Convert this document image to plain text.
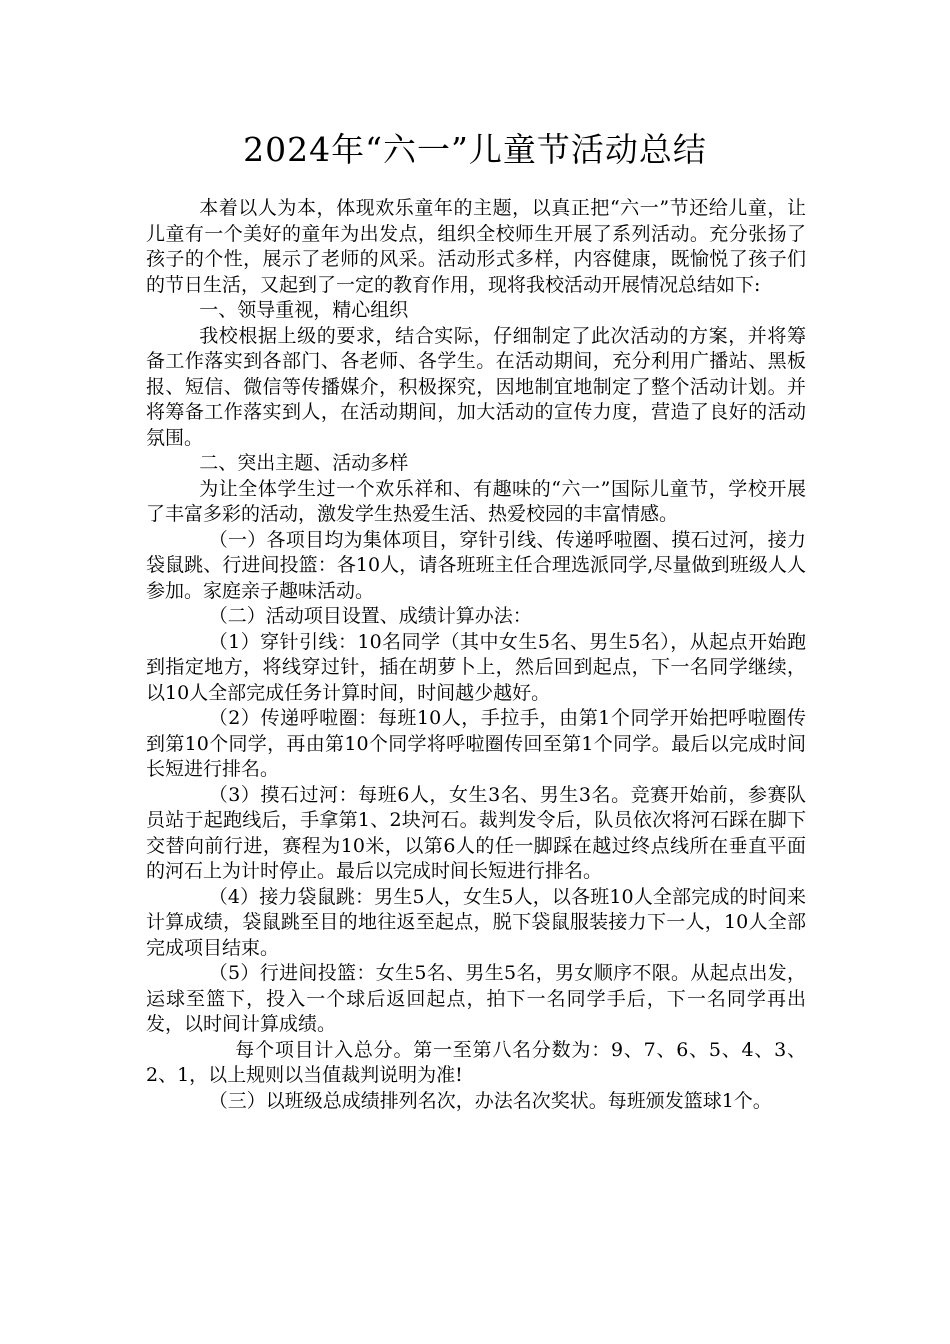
2024年“六一”儿童节活动总结

本着以人为本，体现欢乐童年的主题，以真正把“六一”节还给儿童，让儿童有一个美好的童年为出发点，组织全校师生开展了系列活动。充分张扬了孩子的个性，展示了老师的风采。活动形式多样，内容健康，既愉悦了孩子们的节日生活，又起到了一定的教育作用，现将我校活动开展情况总结如下:

一、领导重视，精心组织

我校根据上级的要求，结合实际，仔细制定了此次活动的方案，并将筹备工作落实到各部门、各老师、各学生。在活动期间，充分利用广播站、黑板报、短信、微信等传播媒介，积极探究，因地制宜地制定了整个活动计划。并将筹备工作落实到人，在活动期间，加大活动的宣传力度，营造了良好的活动氛围。

二、突出主题、活动多样

为让全体学生过一个欢乐祥和、有趣味的“六一”国际儿童节，学校开展了丰富多彩的活动，激发学生热爱生活、热爱校园的丰富情感。

（一）各项目均为集体项目，穿针引线、传递呼啦圈、摸石过河，接力袋鼠跳、行进间投篮：各10人，请各班班主任合理选派同学,尽量做到班级人人参加。家庭亲子趣味活动。

（二）活动项目设置、成绩计算办法：

（1）穿针引线：10名同学（其中女生5名、男生5名），从起点开始跑到指定地方，将线穿过针，插在胡萝卜上，然后回到起点，下一名同学继续，以10人全部完成任务计算时间，时间越少越好。

（2）传递呼啦圈：每班10人，手拉手，由第1个同学开始把呼啦圈传到第10个同学，再由第10个同学将呼啦圈传回至第1个同学。最后以完成时间长短进行排名。

（3）摸石过河：每班6人，女生3名、男生3名。竞赛开始前，参赛队员站于起跑线后，手拿第1、2块河石。裁判发令后，队员依次将河石踩在脚下交替向前行进，赛程为10米，以第6人的任一脚踩在越过终点线所在垂直平面的河石上为计时停止。最后以完成时间长短进行排名。

（4）接力袋鼠跳：男生5人，女生5人，以各班10人全部完成的时间来计算成绩，袋鼠跳至目的地往返至起点，脱下袋鼠服装接力下一人，10人全部完成项目结束。

（5）行进间投篮：女生5名、男生5名，男女顺序不限。从起点出发，运球至篮下，投入一个球后返回起点，拍下一名同学手后，下一名同学再出发，以时间计算成绩。

每个项目计入总分。第一至第八名分数为：9、7、6、5、4、3、2、1，以上规则以当值裁判说明为准!

（三）以班级总成绩排列名次，办法名次奖状。每班颁发篮球1个。
